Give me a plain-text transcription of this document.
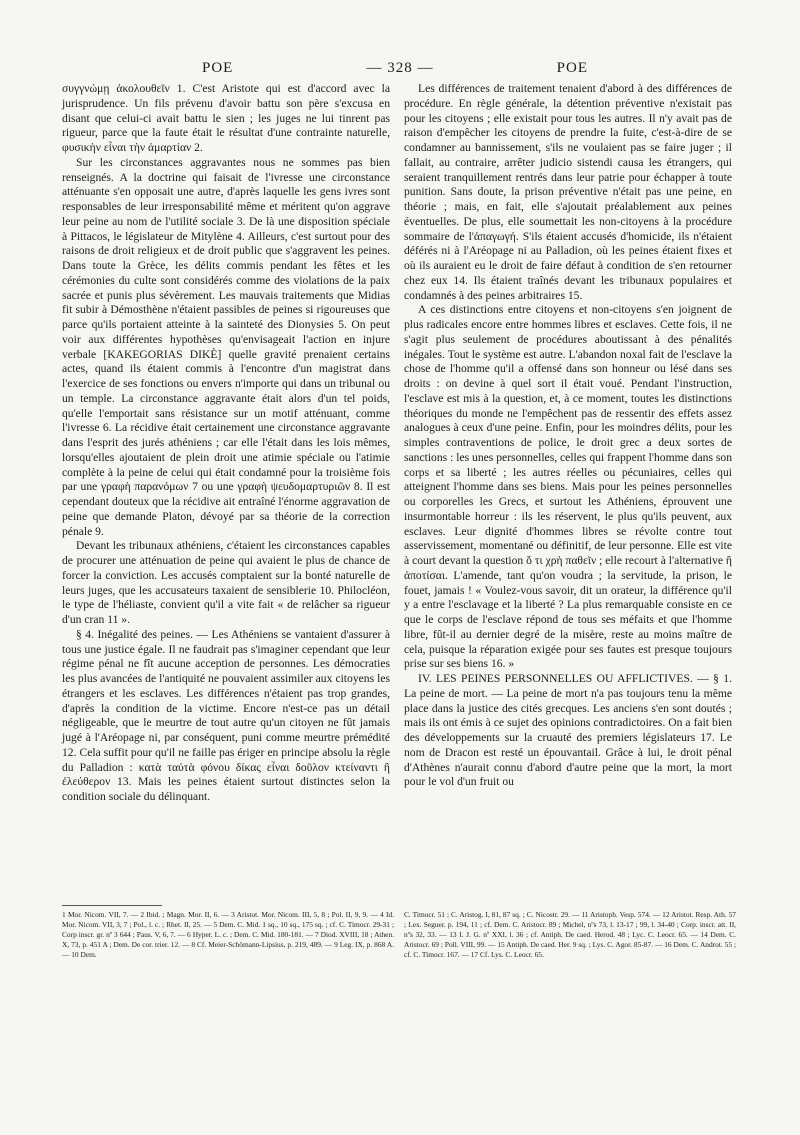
POE	— 328 —	POE

συγγνώμῃ ἀκολουθεῖν 1. C'est Aristote qui est d'accord avec la jurisprudence. Un fils prévenu d'avoir battu son père s'excusa en disant que celui-ci avait battu le sien ; les juges ne lui tinrent pas rigueur, parce que la faute était le résultat d'une contrainte naturelle, φυσικὴν εἶναι τὴν ἁμαρτίαν 2.

Sur les circonstances aggravantes nous ne sommes pas bien renseignés. A la doctrine qui faisait de l'ivresse une circonstance atténuante s'en opposait une autre, d'après laquelle les gens ivres sont responsables de leur irresponsabilité même et méritent qu'on aggrave leur peine au nom de l'utilité sociale 3. De là une disposition spéciale à Pittacos, le législateur de Mitylène 4. Ailleurs, c'est surtout pour des raisons de droit religieux et de droit public que s'aggravent les peines. Dans toute la Grèce, les délits commis pendant les fêtes et les cérémonies du culte sont considérés comme des violations de la paix sacrée et punis plus sévèrement. Les mauvais traitements que Midias fit subir à Démosthène n'étaient passibles de peines si rigoureuses que parce qu'ils portaient atteinte à la sainteté des Dionysies 5. On peut voir aux différentes hypothèses qu'envisageait l'action en injure verbale [KAKEGORIAS DIKÈ] quelle gravité prenaient certains actes, quand ils étaient commis à l'encontre d'un magistrat dans l'exercice de ses fonctions ou envers n'importe qui dans un tribunal ou un temple. La circonstance aggravante était alors d'un tel poids, qu'elle l'emportait sans résistance sur un motif atténuant, comme l'ivresse 6. La récidive était certainement une circonstance aggravante dans l'esprit des jurés athéniens ; car elle l'était dans les lois mêmes, lorsqu'elles ajoutaient de plein droit une atimie spéciale ou l'atimie complète à la peine de celui qui était condamné pour la troisième fois par une γραφὴ παρανόμων 7 ou une γραφὴ ψευδομαρτυριῶν 8. Il est cependant douteux que la récidive ait entraîné l'énorme aggravation de peine que demande Platon, dévoyé par sa théorie de la correction pénale 9.

Devant les tribunaux athéniens, c'étaient les circonstances capables de procurer une atténuation de peine qui avaient le plus de chance de forcer la conviction. Les accusés comptaient sur la bonté naturelle de leurs juges, que les accusateurs taxaient de sensiblerie 10. Philocléon, le type de l'héliaste, convient qu'il a vite fait « de relâcher sa rigueur d'un cran 11 ».

§ 4. Inégalité des peines. — Les Athéniens se vantaient d'assurer à tous une justice égale. Il ne faudrait pas s'imaginer cependant que leur régime pénal ne fît aucune acception de personnes. Les démocraties les plus avancées de l'antiquité ne pouvaient assimiler aux citoyens les étrangers et les esclaves. Les différences n'étaient pas trop grandes, d'après la condition de la victime. Encore n'est-ce pas un détail négligeable, que le meurtre de tout autre qu'un citoyen ne fût jamais jugé à l'Aréopage ni, par conséquent, puni comme meurtre prémédité 12. Cela suffit pour qu'il ne faille pas ériger en principe absolu la règle du Palladion : κατὰ ταὐτὰ φόνου δίκας εἶναι δοῦλον κτείναντι ἢ ἐλεύθερον 13. Mais les peines étaient surtout distinctes selon la condition sociale du délinquant.

Les différences de traitement tenaient d'abord à des différences de procédure. En règle générale, la détention préventive n'existait pas pour les citoyens ; elle existait pour tous les autres. Il n'y avait pas de raison d'empêcher les citoyens de prendre la fuite, c'est-à-dire de se condamner au bannissement, s'ils ne voulaient pas se faire juger ; il fallait, au contraire, arrêter judicio sistendi causa les étrangers, qui seraient tranquillement rentrés dans leur patrie pour échapper à toute punition. Sans doute, la prison préventive n'était pas une peine, en théorie ; mais, en fait, elle s'ajoutait préalablement aux peines éventuelles. De plus, elle soumettait les non-citoyens à la procédure sommaire de l'ἀπαγωγή. S'ils étaient accusés d'homicide, ils n'étaient déférés ni à l'Aréopage ni au Palladion, où les peines étaient fixes et où ils auraient eu le droit de faire défaut à condition de s'en retourner chez eux 14. Ils étaient traînés devant les tribunaux populaires et condamnés à des peines arbitraires 15.

A ces distinctions entre citoyens et non-citoyens s'en joignent de plus radicales encore entre hommes libres et esclaves. Cette fois, il ne s'agit plus seulement de procédures aboutissant à des pénalités inégales. Tout le système est autre. L'abandon noxal fait de l'esclave la chose de l'homme qu'il a offensé dans son honneur ou lésé dans ses droits : on devine à quel sort il était voué. Pendant l'instruction, l'esclave est mis à la question, et, à ce moment, toutes les distinctions théoriques du monde ne l'empêchent pas de ressentir des effets assez analogues à ceux d'une peine. Enfin, pour les moindres délits, pour les simples contraventions de police, le droit grec a deux sortes de sanctions : les unes personnelles, celles qui frappent l'homme dans son corps et sa liberté ; les autres réelles ou pécuniaires, celles qui atteignent l'homme dans ses biens. Mais pour les peines personnelles ou corporelles les Grecs, et surtout les Athéniens, éprouvent une insurmontable horreur : ils les réservent, le plus qu'ils peuvent, aux esclaves. Leur dignité d'hommes libres se révolte contre tout asservissement, momentané ou définitif, de leur personne. Elle est vite à court devant la question ὅ τι χρὴ παθεῖν ; elle recourt à l'alternative ἢ ἀποτίσαι. L'amende, tant qu'on voudra ; la servitude, la prison, le fouet, jamais ! « Voulez-vous savoir, dit un orateur, la différence qu'il y a entre l'esclavage et la liberté ? La plus remarquable consiste en ce que le corps de l'esclave répond de tous ses méfaits et que l'homme libre, fût-il au dernier degré de la misère, reste au moins maître de cela, puisque la réparation exigée pour ses fautes est presque toujours prise sur ses biens 16. »

IV. LES PEINES PERSONNELLES OU AFFLICTIVES. — § 1. La peine de mort. — La peine de mort n'a pas toujours tenu la même place dans la justice des cités grecques. Les anciens s'en sont doutés ; mais ils ont émis à ce sujet des opinions contradictoires. On a fait bien des développements sur la cruauté des premiers législateurs 17. Le nom de Dracon est resté un épouvantail. Grâce à lui, le droit pénal d'Athènes n'aurait connu d'abord d'autre peine que la mort, la mort pour le vol d'un fruit ou

1 Mor. Nicom. VII, 7. — 2 Ibid. ; Magn. Mor. II, 6. — 3 Aristot. Mor. Nicom. III, 5, 8 ; Pol. II, 9, 9. — 4 Id. Mor. Nicom. VII, 3, 7 ; Pol., l. c. ; Rhet. II, 25. — 5 Dem. C. Mid. 1 sq., 10 sq., 175 sq. ; cf. C. Timocr. 29-31 ; Corp inscr. gr. nº 3 644 ; Paus. V, 6, 7. — 6 Hyper. L. c. ; Dem. C. Mid. 180-181. — 7 Diod. XVIII, 18 ; Athen. X, 73, p. 451 A ; Dem. De cor. trier. 12. — 8 Cf. Meier-Schömann-Lipsius, p. 219, 489. — 9 Leg. IX, p. 868 A. — 10 Dem.
C. Timocr. 51 ; C. Aristog. I, 81, 87 sq. ; C. Nicostr. 29. — 11 Aristoph. Vesp. 574. — 12 Aristot. Resp. Ath. 57 ; Lex. Seguer. p. 194, 11 ; cf. Dem. C. Aristocr. 89 ; Michel, nºs 73, l. 13-17 ; 99, l. 34-40 ; Corp. inscr. att. II, nºs 32, 33. — 13 I. J. G. nº XXI, l. 36 ; cf. Antiph. De caed. Herod. 48 ; Lyc. C. Leocr. 65. — 14 Dem. C. Aristocr. 69 ; Poll. VIII, 99. — 15 Antiph. De caed. Her. 9 sq. ; Lys. C. Agor. 85-87. — 16 Dem. C. Androt. 55 ; cf. C. Timocr. 167. — 17 Cf. Lys. C. Leocr. 65.
